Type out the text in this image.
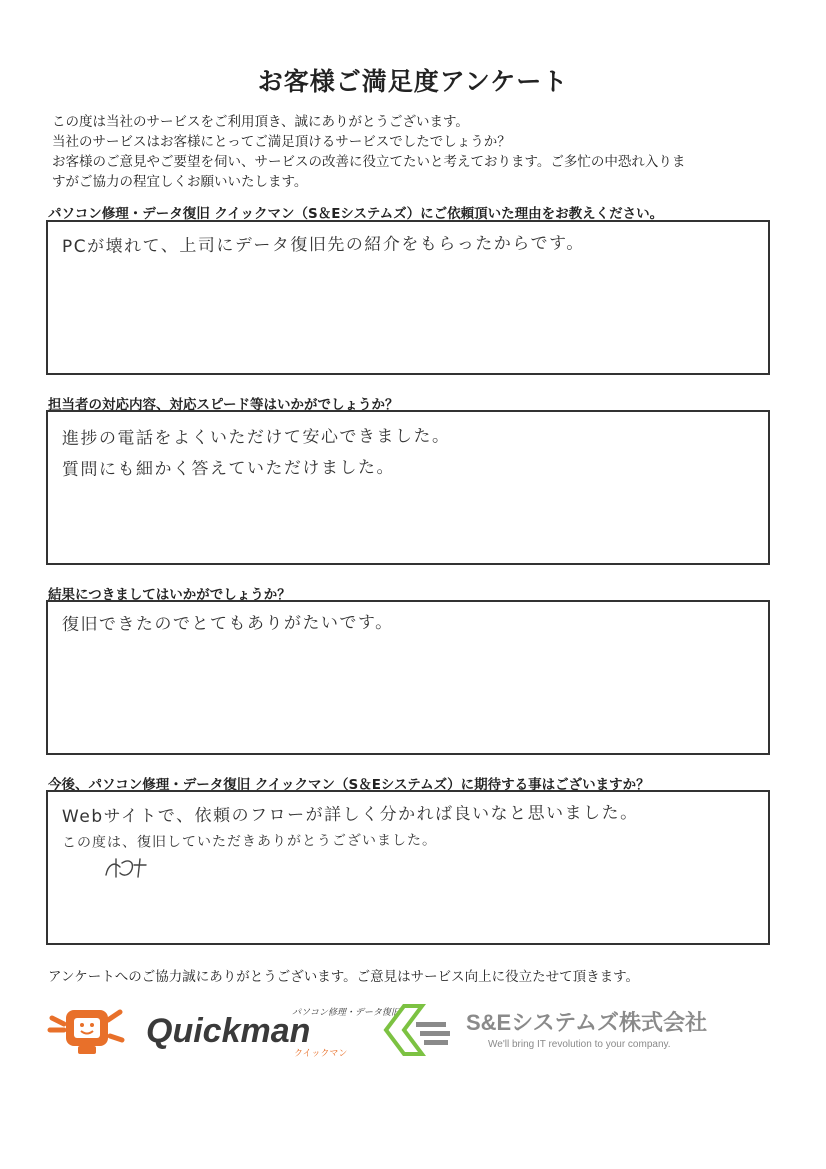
お客様ご満足度アンケート
この度は当社のサービスをご利用頂き、誠にありがとうございます。
当社のサービスはお客様にとってご満足頂けるサービスでしたでしょうか？
お客様のご意見やご要望を伺い、サービスの改善に役立てたいと考えております。ご多忙の中恐れ入りま
すがご協力の程宜しくお願いいたします。
パソコン修理・データ復旧 クイックマン（S＆Eシステムズ）にご依頼頂いた理由をお教えください。
PCが壊れて、上司にデータ復旧先の紹介をもらったからです。
担当者の対応内容、対応スピード等はいかがでしょうか？
進捗の電話をよくいただけて安心できました。
質問にも細かく答えていただけました。
結果につきましてはいかがでしょうか？
復旧できたのでとてもありがたいです。
今後、パソコン修理・データ復旧 クイックマン（S＆Eシステムズ）に期待する事はございますか？
Webサイトで、依頼のフローが詳しく分かれば良いなと思いました。
この度は、復旧していただきありがとうございました。
アンケートへのご協力誠にありがとうございます。ご意見はサービス向上に役立たせて頂きます。
パソコン修理・データ復旧
Quickman
クイックマン
S&Eシステムズ株式会社
We'll bring IT revolution to your company.
